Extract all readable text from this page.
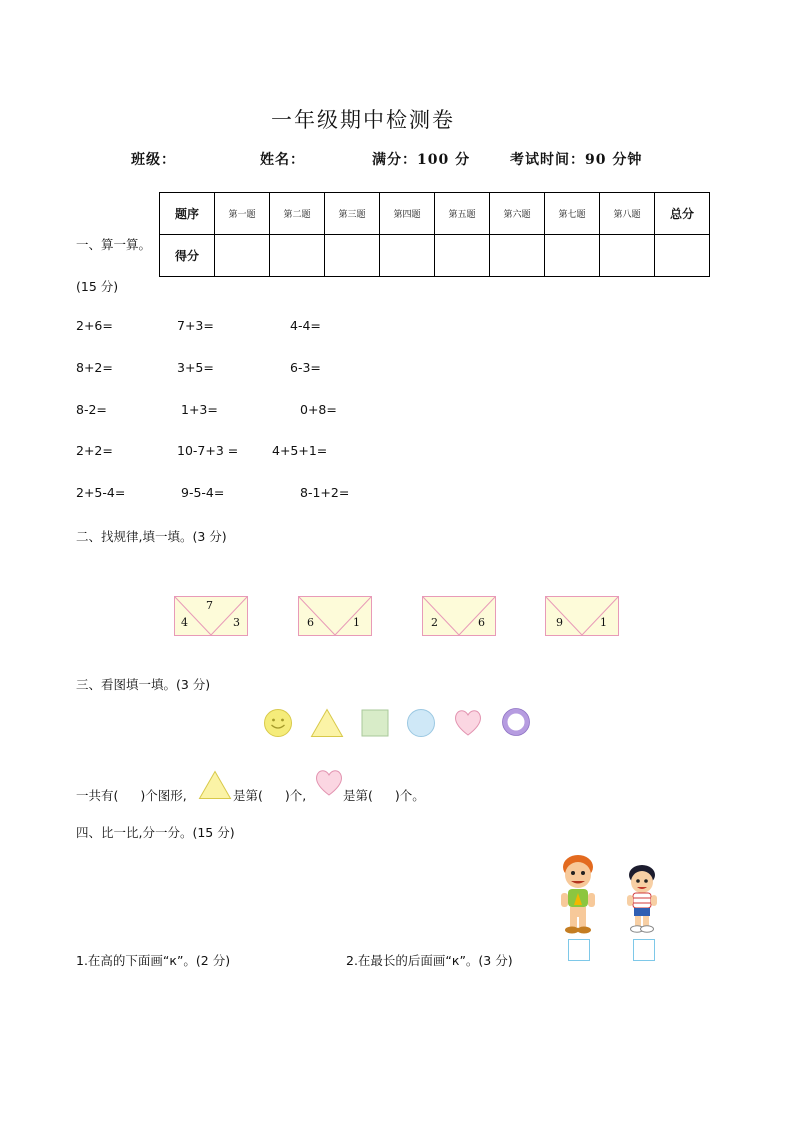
一年级期中检测卷
班级：	姓名：	满分：100 分	考试时间：90 分钟
题序	第一题	第二题	第三题	第四题	第五题	第六题	第七题	第八题	总分
得分									
一、算一算。
(15 分)
2+6=	7+3=	4-4=
8+2=	3+5=	6-3=
8-2=	1+3=	0+8=
2+2=	10-7+3 =	4+5+1=
2+5-4=	9-5-4=	8-1+2=
二、找规律,填一填。(3 分)
7
4	3	6	1	2	6	9	1
三、看图填一填。(3 分)
一共有( )个图形,	是第( )个,	是第( )个。
四、比一比,分一分。(15 分)
1.在高的下面画“к”。(2 分)	2.在最长的后面画“к”。(3 分)
